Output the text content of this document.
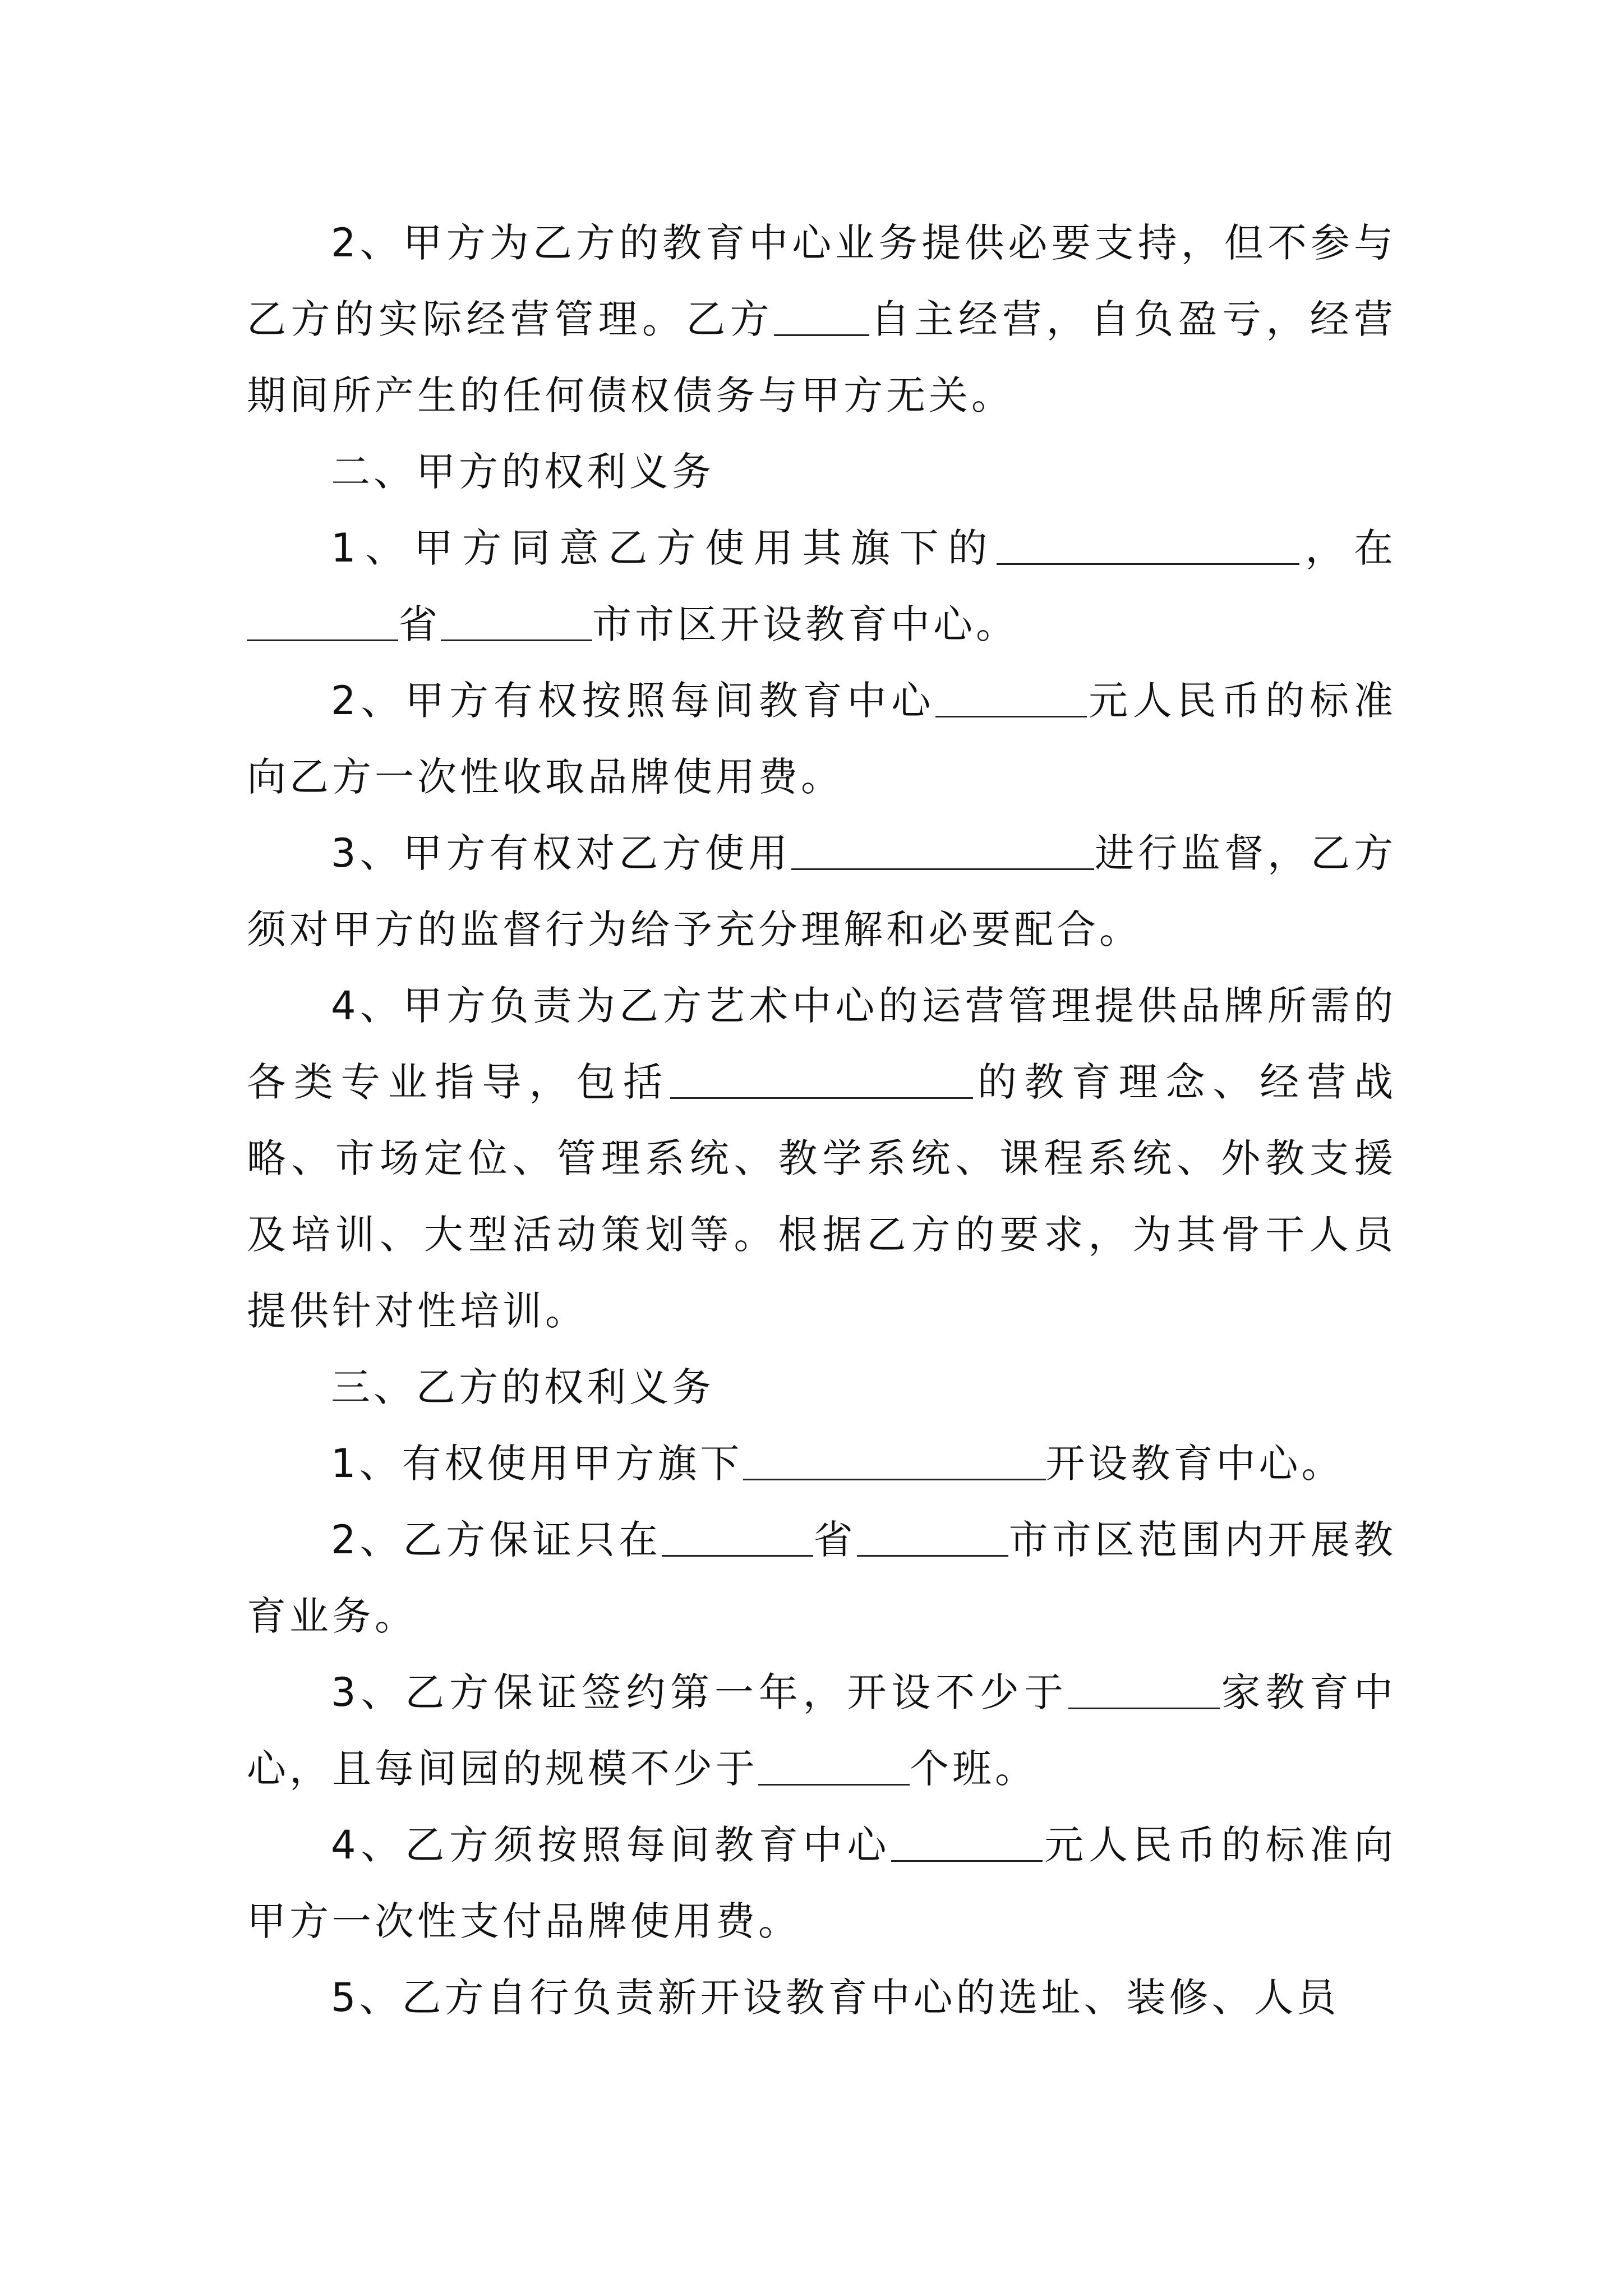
2、甲方为乙方的教育中心业务提供必要支持，但不参与乙方的实际经营管理。乙方 自主经营，自负盈亏，经营期间所产生的任何债权债务与甲方无关。

二、甲方的权利义务

1、甲方同意乙方使用其旗下的	，在省	市市区开设教育中心。

2、甲方有权按照每间教育中心	元人民币的标准向乙方一次性收取品牌使用费。

3、甲方有权对乙方使用	进行监督，乙方须对甲方的监督行为给予充分理解和必要配合。

4、甲方负责为乙方艺术中心的运营管理提供品牌所需的各类专业指导，包括	的教育理念、经营战略、市场定位、管理系统、教学系统、课程系统、外教支援及培训、大型活动策划等。根据乙方的要求，为其骨干人员提供针对性培训。

三、乙方的权利义务

1、有权使用甲方旗下	开设教育中心。

2、乙方保证只在	省	市市区范围内开展教育业务。

3、乙方保证签约第一年，开设不少于	家教育中心，且每间园的规模不少于	个班。

4、乙方须按照每间教育中心	元人民币的标准向甲方一次性支付品牌使用费。

5、乙方自行负责新开设教育中心的选址、装修、人员
